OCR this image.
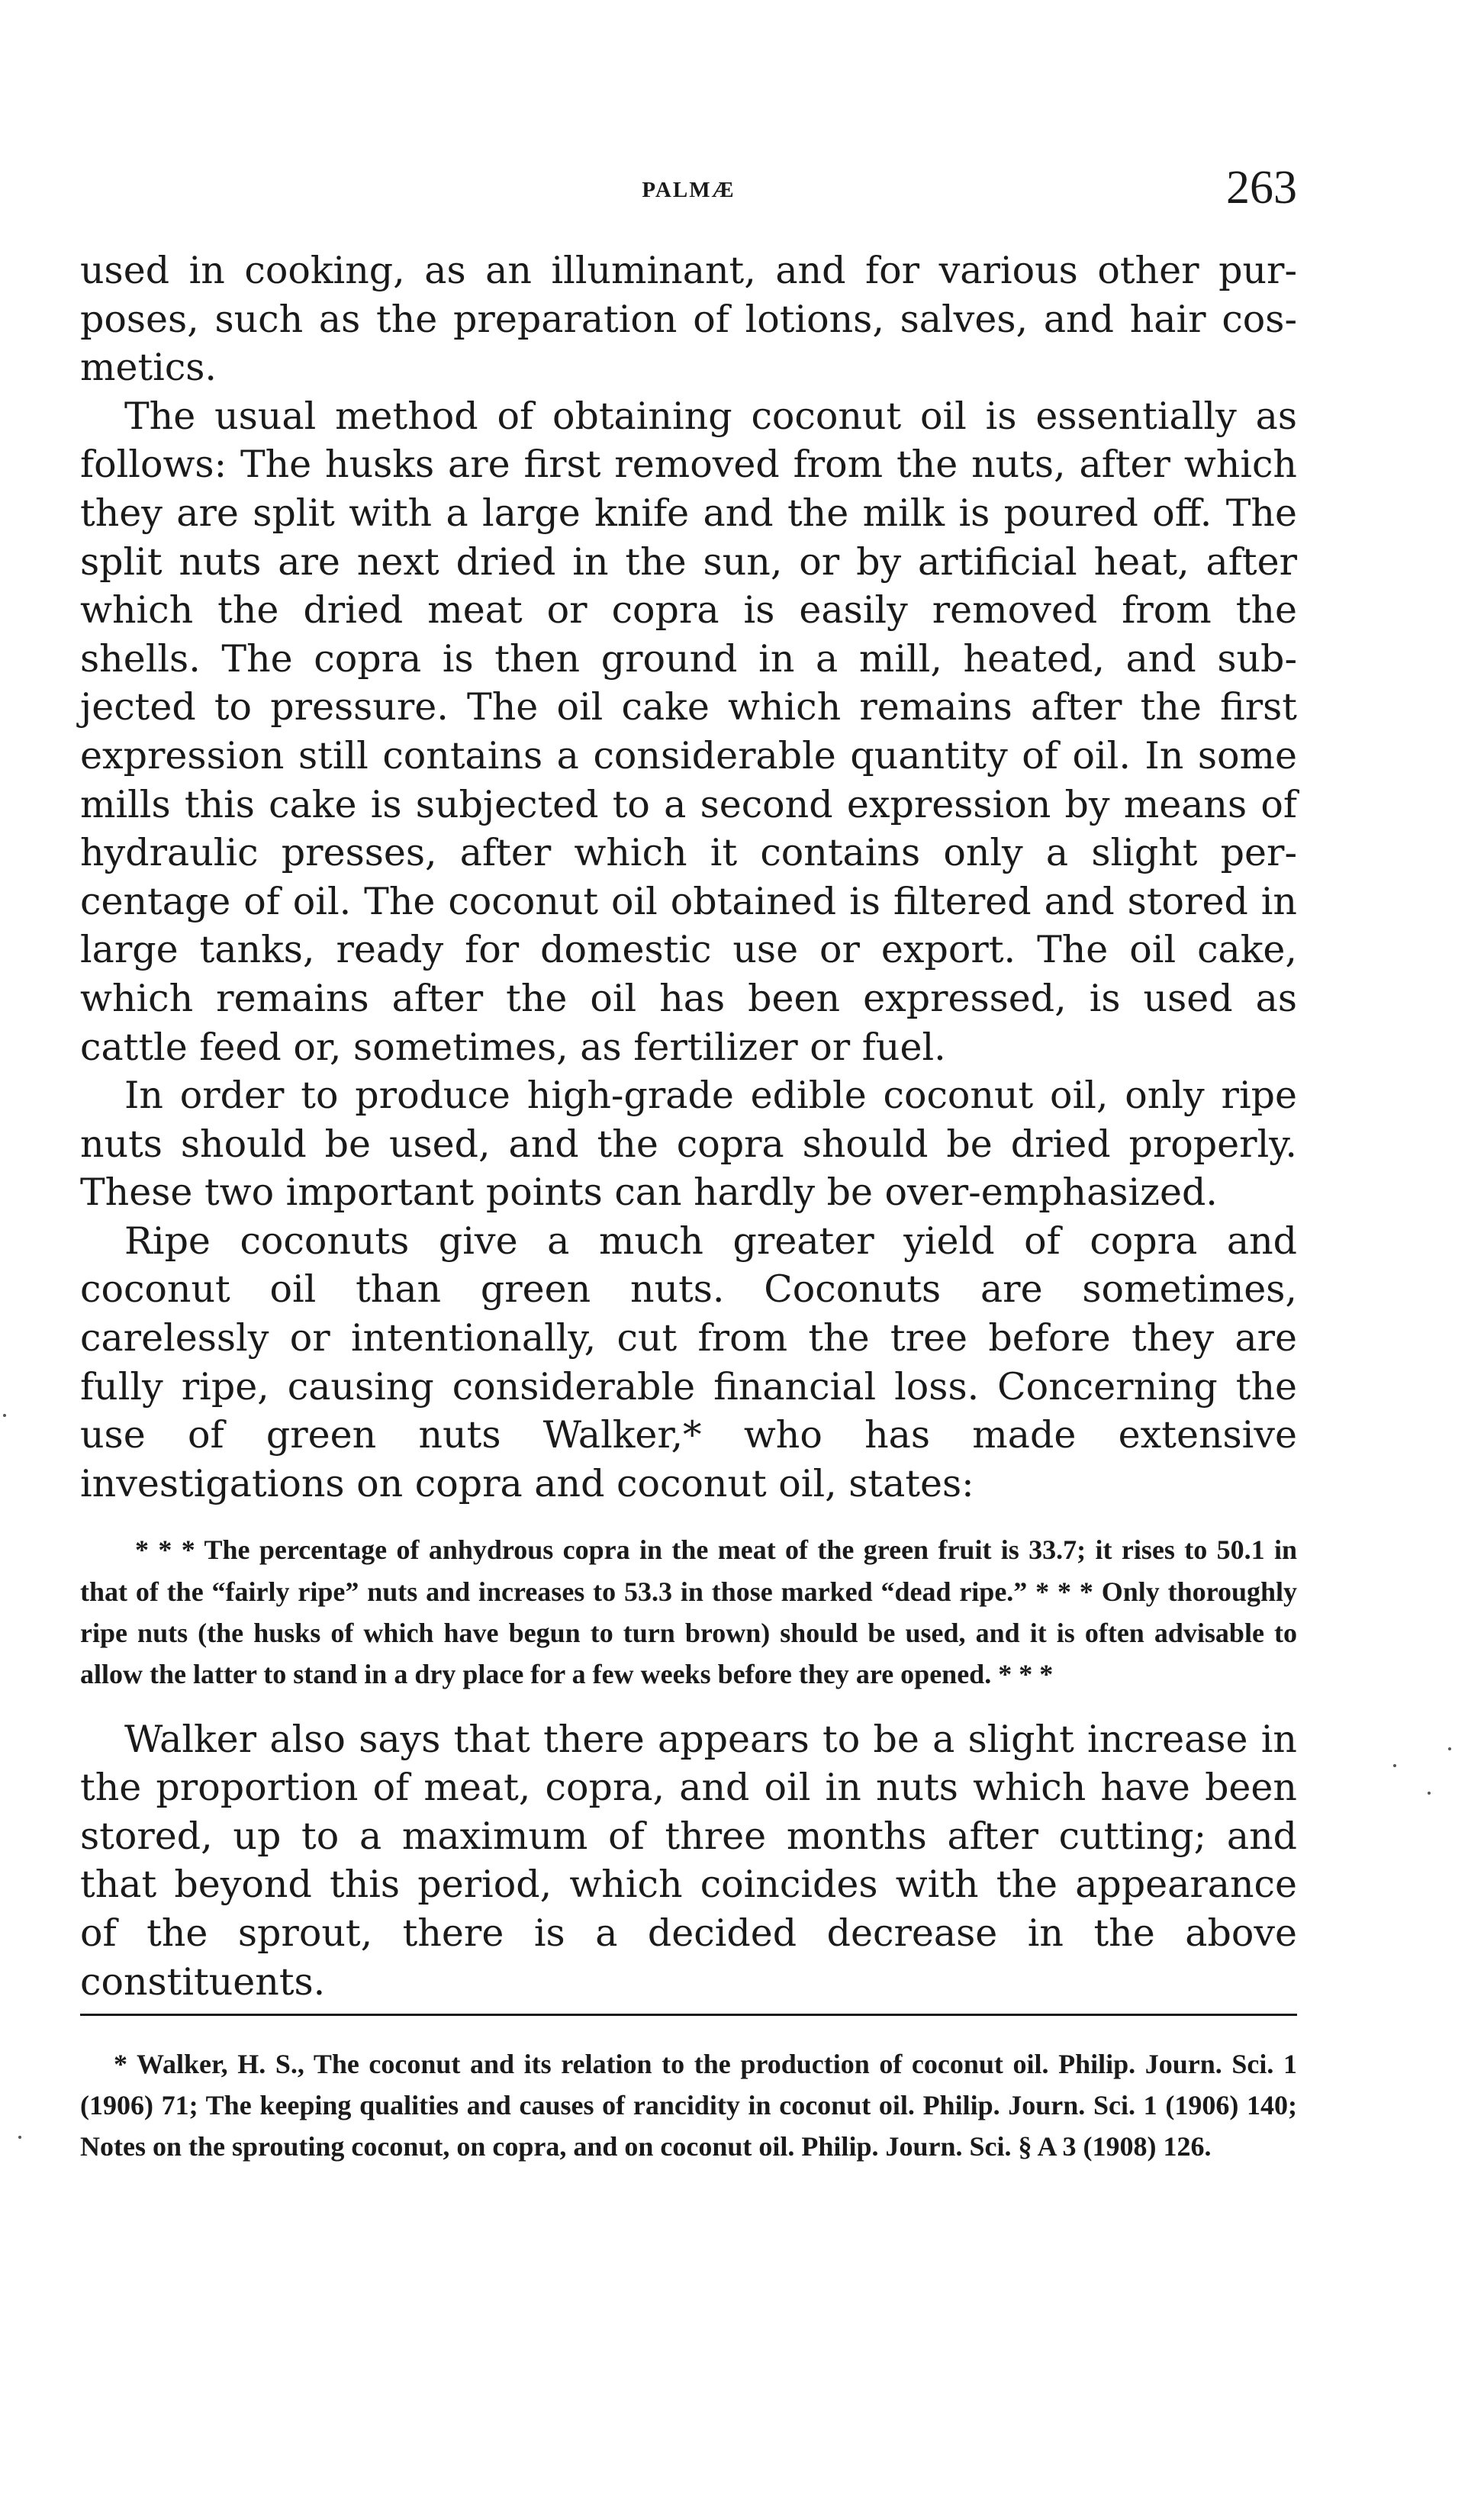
PALMÆ	263

used in cooking, as an illuminant, and for various other purposes, such as the preparation of lotions, salves, and hair cosmetics.

The usual method of obtaining coconut oil is essentially as follows: The husks are first removed from the nuts, after which they are split with a large knife and the milk is poured off. The split nuts are next dried in the sun, or by artificial heat, after which the dried meat or copra is easily removed from the shells. The copra is then ground in a mill, heated, and subjected to pressure. The oil cake which remains after the first expression still contains a considerable quantity of oil. In some mills this cake is subjected to a second expression by means of hydraulic presses, after which it contains only a slight percentage of oil. The coconut oil obtained is filtered and stored in large tanks, ready for domestic use or export. The oil cake, which remains after the oil has been expressed, is used as cattle feed or, sometimes, as fertilizer or fuel.

In order to produce high-grade edible coconut oil, only ripe nuts should be used, and the copra should be dried properly. These two important points can hardly be over-emphasized.

Ripe coconuts give a much greater yield of copra and coconut oil than green nuts. Coconuts are sometimes, carelessly or intentionally, cut from the tree before they are fully ripe, causing considerable financial loss. Concerning the use of green nuts Walker,* who has made extensive investigations on copra and coconut oil, states:

* * * The percentage of anhydrous copra in the meat of the green fruit is 33.7; it rises to 50.1 in that of the “fairly ripe” nuts and increases to 53.3 in those marked “dead ripe.” * * * Only thoroughly ripe nuts (the husks of which have begun to turn brown) should be used, and it is often advisable to allow the latter to stand in a dry place for a few weeks before they are opened. * * *

Walker also says that there appears to be a slight increase in the proportion of meat, copra, and oil in nuts which have been stored, up to a maximum of three months after cutting; and that beyond this period, which coincides with the appearance of the sprout, there is a decided decrease in the above constituents.

* Walker, H. S., The coconut and its relation to the production of coconut oil. Philip. Journ. Sci. 1 (1906) 71; The keeping qualities and causes of rancidity in coconut oil. Philip. Journ. Sci. 1 (1906) 140; Notes on the sprouting coconut, on copra, and on coconut oil. Philip. Journ. Sci. § A 3 (1908) 126.
